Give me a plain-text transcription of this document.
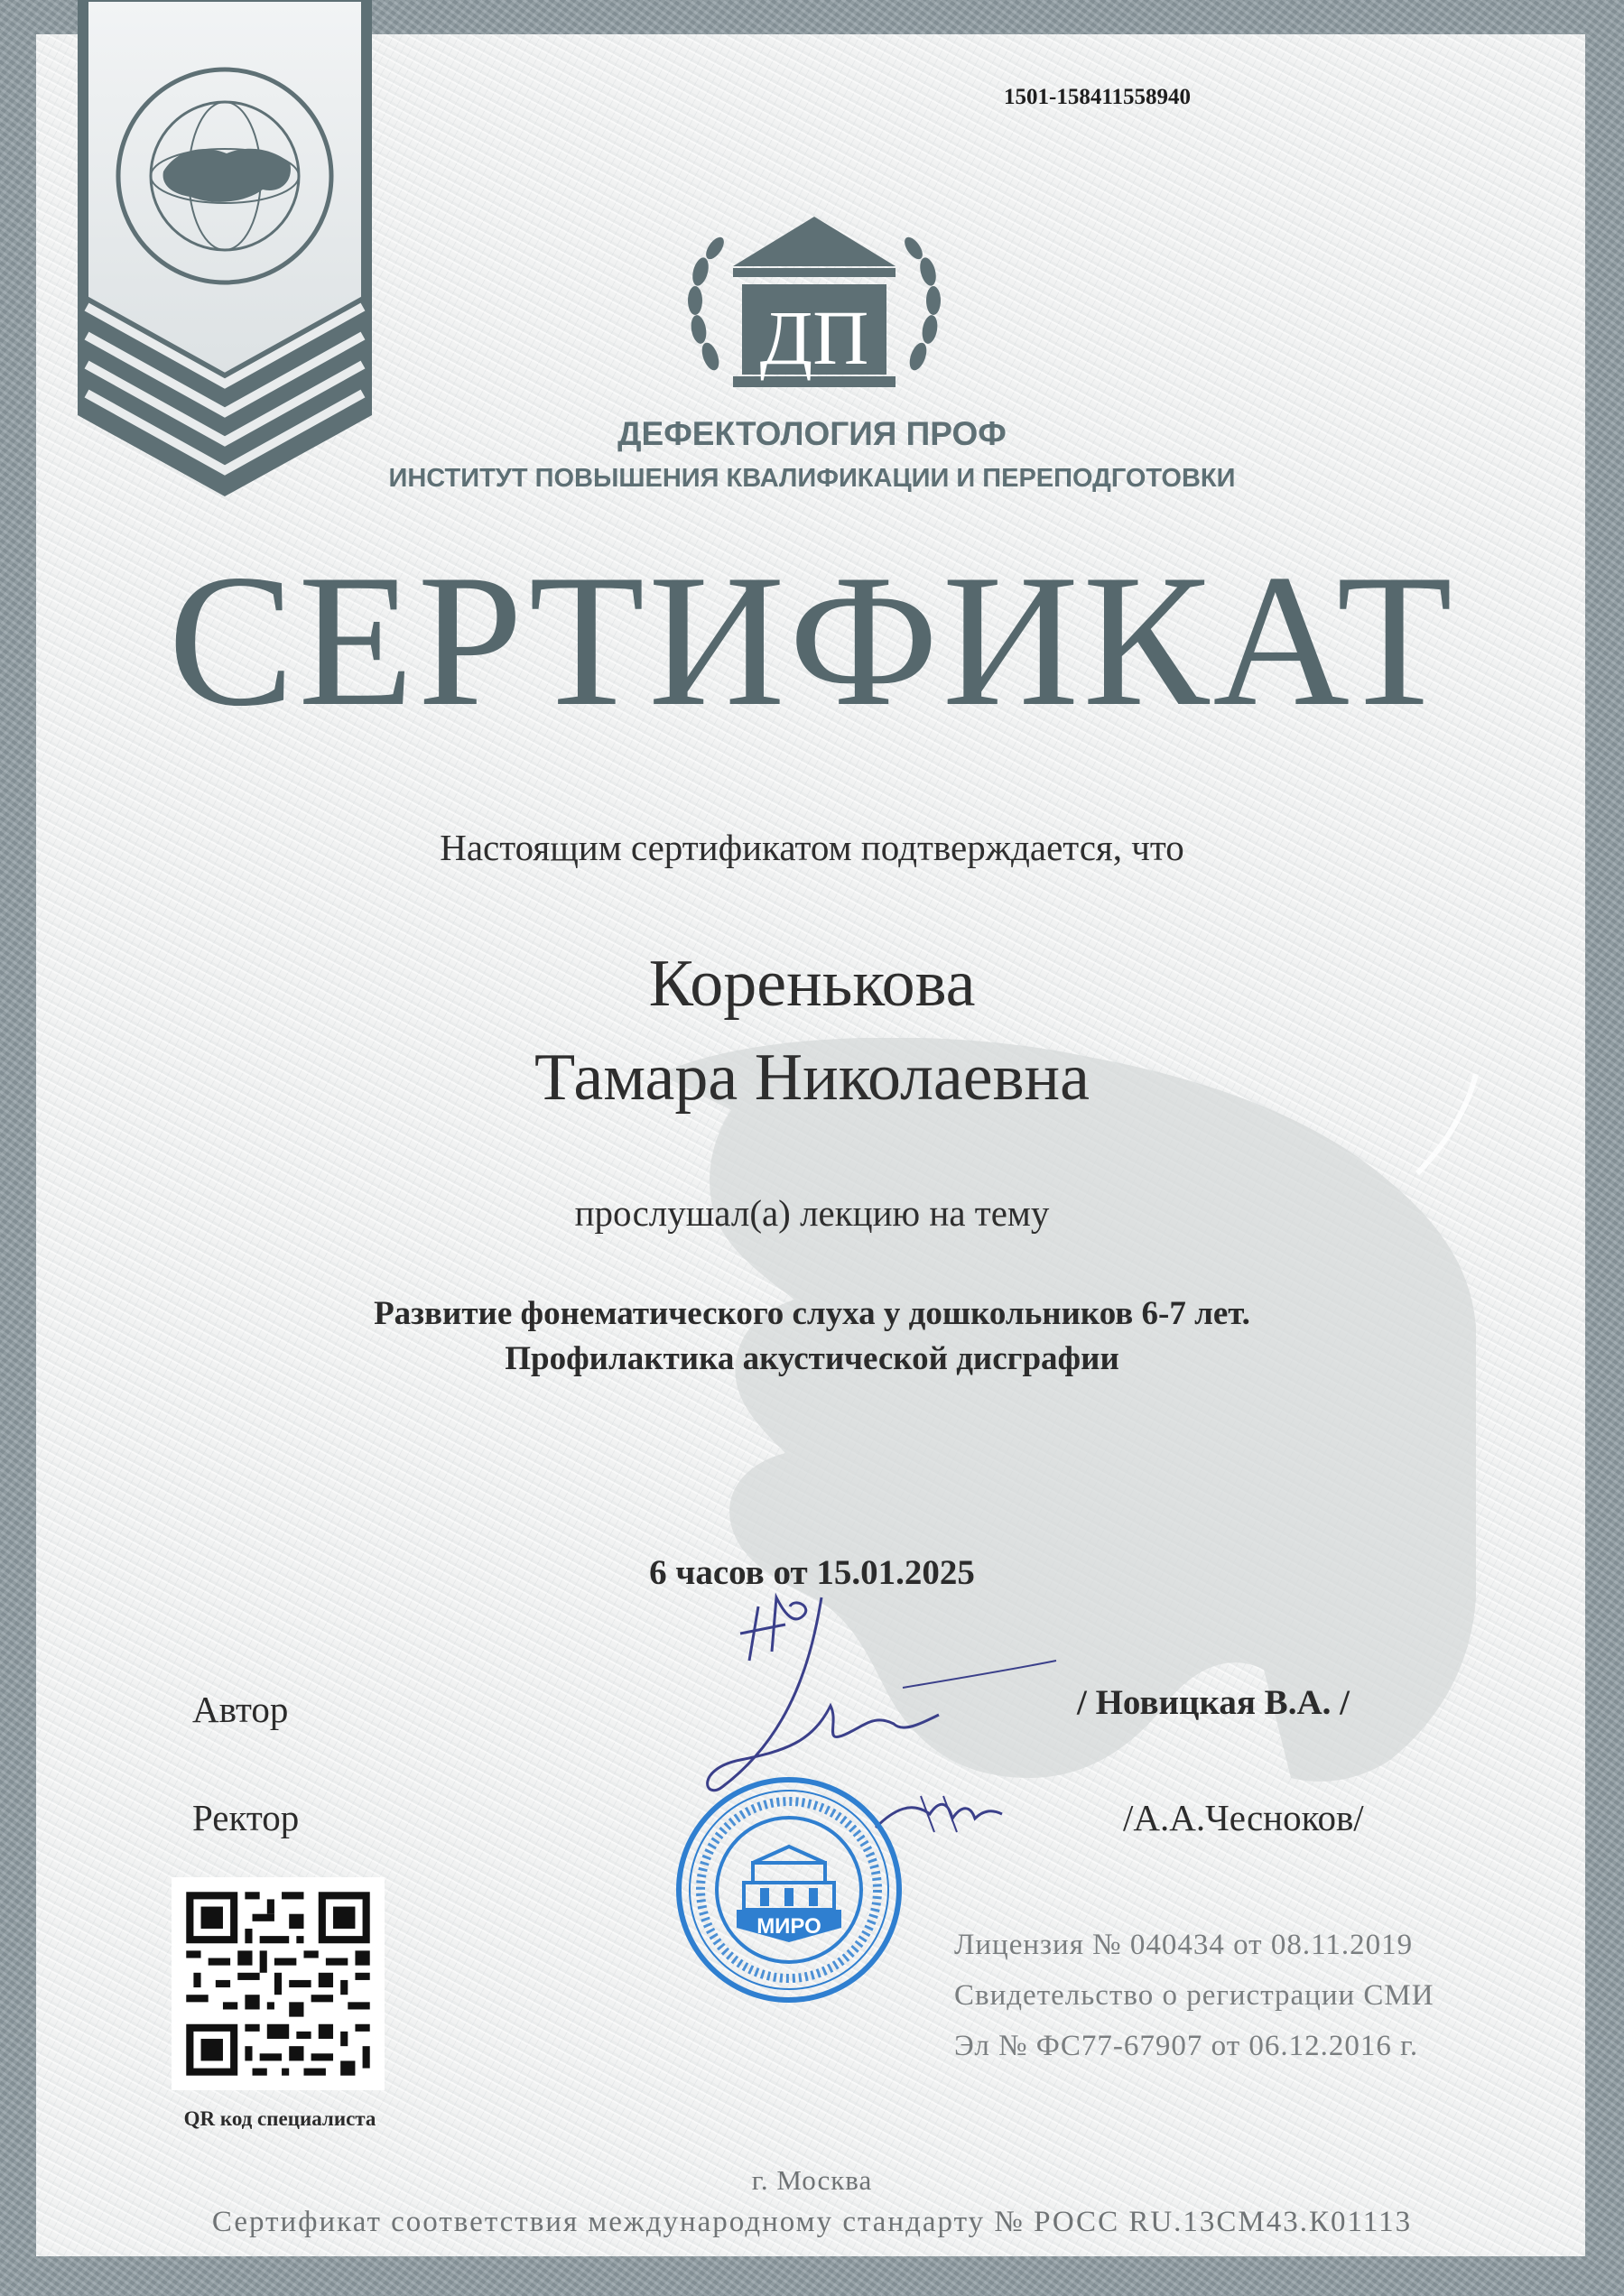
1501-158411558940
ДП
ДЕФЕКТОЛОГИЯ ПРОФ
ИНСТИТУТ ПОВЫШЕНИЯ КВАЛИФИКАЦИИ И ПЕРЕПОДГОТОВКИ
СЕРТИФИКАТ
Настоящим сертификатом подтверждается, что
Коренькова
Тамара Николаевна
прослушал(а) лекцию на тему
Развитие фонематического слуха у дошкольников 6-7 лет.
Профилактика акустической дисграфии
6 часов от 15.01.2025
Автор	/ Новицкая В.А. /
Ректор	/А.А.Чесноков/
МИРО
QR код специалиста
Лицензия № 040434 от 08.11.2019
Свидетельство о регистрации СМИ
Эл № ФС77-67907 от 06.12.2016 г.
г. Москва
Сертификат соответствия международному стандарту № РОСС RU.13СМ43.К01113
